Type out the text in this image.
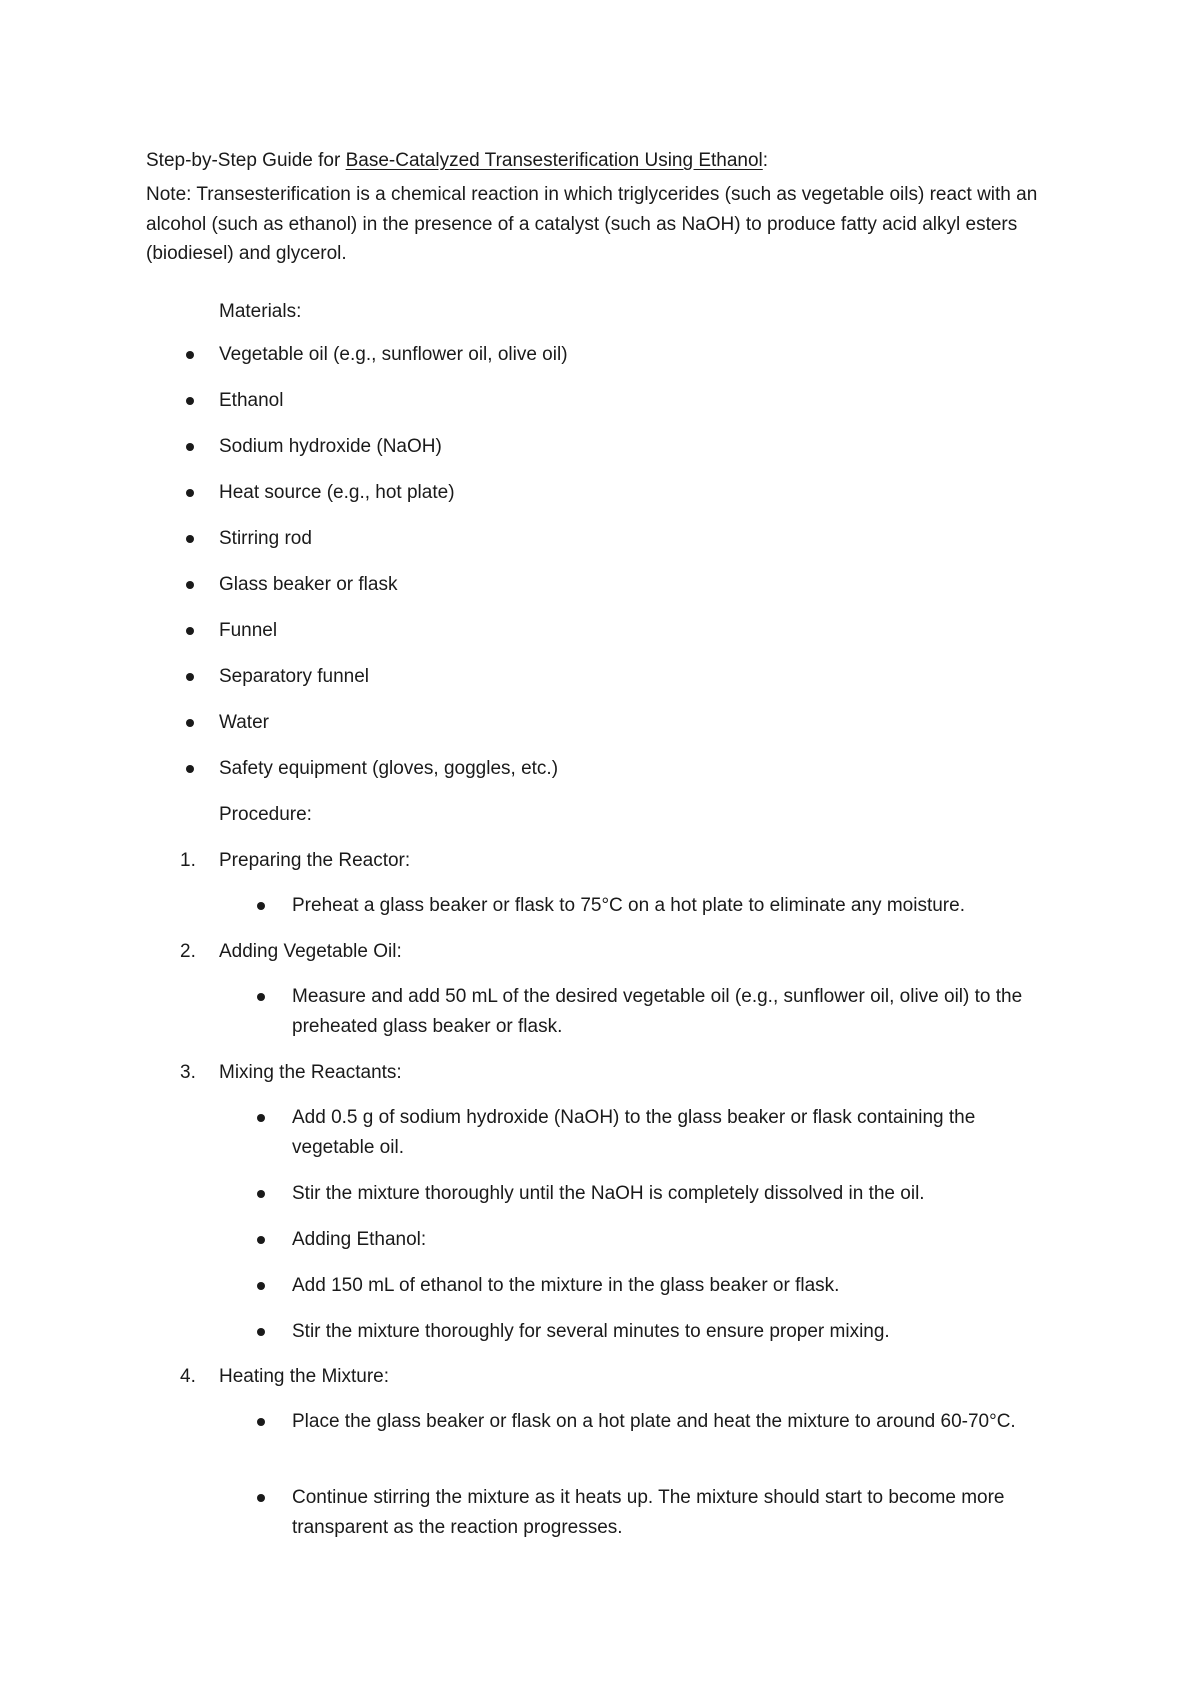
Step-by-Step Guide for Base-Catalyzed Transesterification Using Ethanol:
Note: Transesterification is a chemical reaction in which triglycerides (such as vegetable oils) react with an alcohol (such as ethanol) in the presence of a catalyst (such as NaOH) to produce fatty acid alkyl esters (biodiesel) and glycerol.
Materials:
Vegetable oil (e.g., sunflower oil, olive oil)
Ethanol
Sodium hydroxide (NaOH)
Heat source (e.g., hot plate)
Stirring rod
Glass beaker or flask
Funnel
Separatory funnel
Water
Safety equipment (gloves, goggles, etc.)
Procedure:
1. Preparing the Reactor:
Preheat a glass beaker or flask to 75°C on a hot plate to eliminate any moisture.
2. Adding Vegetable Oil:
Measure and add 50 mL of the desired vegetable oil (e.g., sunflower oil, olive oil) to the preheated glass beaker or flask.
3. Mixing the Reactants:
Add 0.5 g of sodium hydroxide (NaOH) to the glass beaker or flask containing the vegetable oil.
Stir the mixture thoroughly until the NaOH is completely dissolved in the oil.
Adding Ethanol:
Add 150 mL of ethanol to the mixture in the glass beaker or flask.
Stir the mixture thoroughly for several minutes to ensure proper mixing.
4. Heating the Mixture:
Place the glass beaker or flask on a hot plate and heat the mixture to around 60-70°C.
Continue stirring the mixture as it heats up. The mixture should start to become more transparent as the reaction progresses.
